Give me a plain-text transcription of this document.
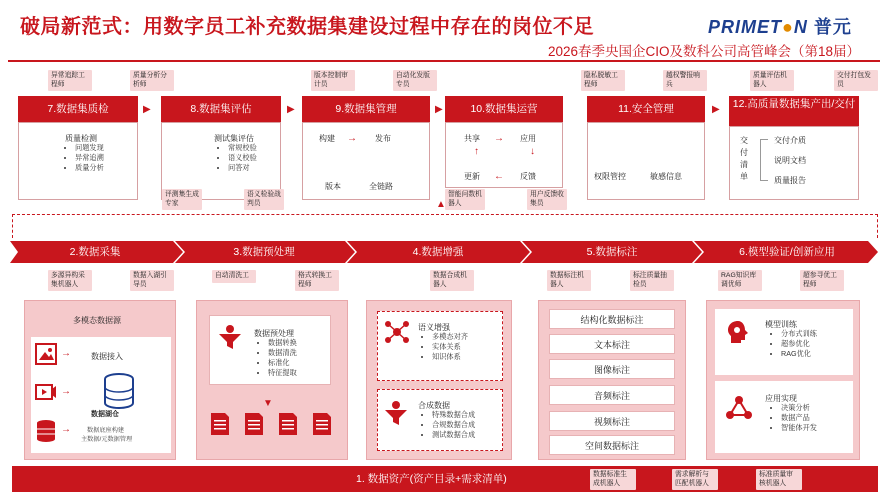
破局新范式：用数字员工补充数据集建设过程中存在的岗位不足
2026春季央国企CIO及数科公司高管峰会（第18届）
PRIMET●N 普元
异常追踪工程师
质量分析分析师
版本控制审计员
自动化发版专员
隐私脱敏工程师
越权警报响兵
质量评估机器人
交付打包发员
7.数据集质检
质量检测
• 问题发现
• 异常追溯
• 质量分析
▶	8.数据集评估
测试集评估
• 常规校验
• 语义校验
• 问答对
▶	9.数据集管理
构建 → 发布
版本	全链路
▶	10.数据集运营
共享 → 应用
↓
↑
更新 ← 反馈
11.安全管理
权限管控	敏感信息
▶	12.高质量数据集产出/交付
交付清单
交付介质
说明文档
质量报告
评测集生成专家
语义检验战判员
智能问数机器人
用户反馈收集员
▲
2.数据采集	3.数据预处理	4.数据增强	5.数据标注	6.模型验证/创新应用
多源异构采集机器人
数据入湖引导员
自动清洗工	格式转换工程师
数据合成机器人
数据标注机器人
标注质量抽检员
RAG知识库调优师
超参寻优工程师
多模态数据源
数据接入
→
→
→
数据湖仓
数据底座构建
主数据/元数据管理
数据预处理
• 数据转换
• 数据清洗
• 标准化
• 特征提取
▼
语义增强
• 多模态对齐
• 实体关系
• 知识体系
合成数据
• 特殊数据合成
• 合规数据合成
• 测试数据合成
结构化数据标注
文本标注
图像标注
音频标注
视频标注
空间数据标注
模型训练
• 分布式训练
• 超参优化
• RAG优化
应用实现
• 决策分析
• 数据产品
• 智能体开发
1. 数据资产(资产目录+需求清单)	数据标准生成机器人
需求解析与匹配机器人
标准质量审核机器人
